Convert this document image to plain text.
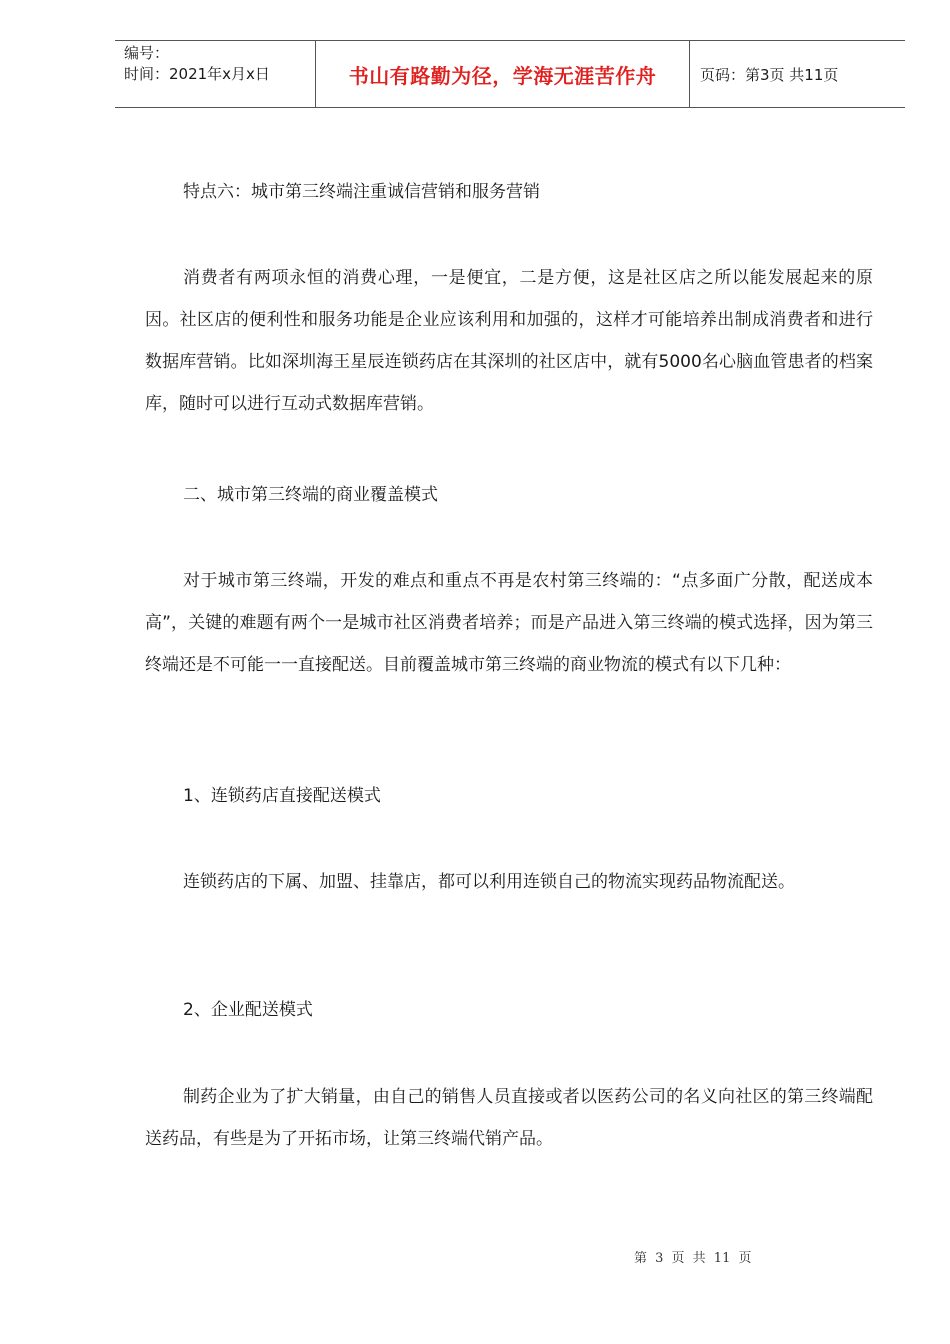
编号：
时间：2021年x月x日	书山有路勤为径，学海无涯苦作舟	页码：第3页 共11页

特点六：城市第三终端注重诚信营销和服务营销

消费者有两项永恒的消费心理，一是便宜，二是方便，这是社区店之所以能发展起来的原因。社区店的便利性和服务功能是企业应该利用和加强的，这样才可能培养出制成消费者和进行数据库营销。比如深圳海王星辰连锁药店在其深圳的社区店中，就有5000名心脑血管患者的档案库，随时可以进行互动式数据库营销。

二、城市第三终端的商业覆盖模式

对于城市第三终端，开发的难点和重点不再是农村第三终端的：“点多面广分散，配送成本高”，关键的难题有两个一是城市社区消费者培养；而是产品进入第三终端的模式选择，因为第三终端还是不可能一一直接配送。目前覆盖城市第三终端的商业物流的模式有以下几种：

1、连锁药店直接配送模式

连锁药店的下属、加盟、挂靠店，都可以利用连锁自己的物流实现药品物流配送。

2、企业配送模式

制药企业为了扩大销量，由自己的销售人员直接或者以医药公司的名义向社区的第三终端配送药品，有些是为了开拓市场，让第三终端代销产品。

第 3 页 共 11 页
